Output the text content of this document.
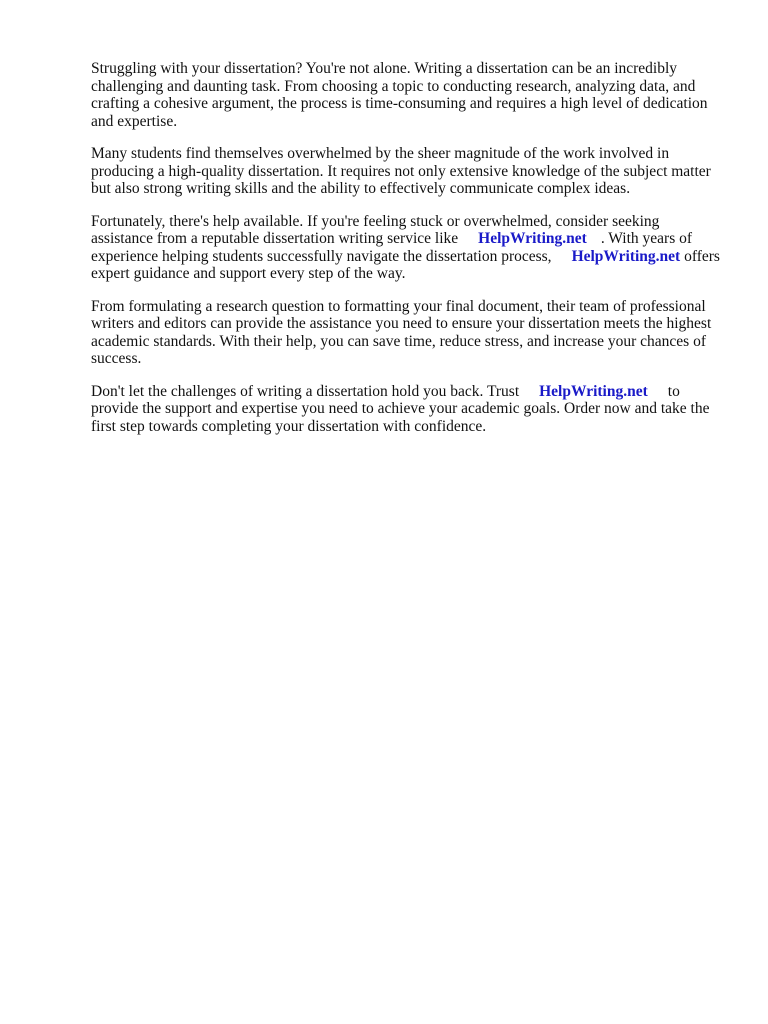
Struggling with your dissertation? You're not alone. Writing a dissertation can be an incredibly challenging and daunting task. From choosing a topic to conducting research, analyzing data, and crafting a cohesive argument, the process is time-consuming and requires a high level of dedication and expertise.

Many students find themselves overwhelmed by the sheer magnitude of the work involved in producing a high-quality dissertation. It requires not only extensive knowledge of the subject matter but also strong writing skills and the ability to effectively communicate complex ideas.

Fortunately, there's help available. If you're feeling stuck or overwhelmed, consider seeking assistance from a reputable dissertation writing service like HelpWriting.net . With years of experience helping students successfully navigate the dissertation process, HelpWriting.net offers expert guidance and support every step of the way.

From formulating a research question to formatting your final document, their team of professional writers and editors can provide the assistance you need to ensure your dissertation meets the highest academic standards. With their help, you can save time, reduce stress, and increase your chances of success.

Don't let the challenges of writing a dissertation hold you back. Trust HelpWriting.net to provide the support and expertise you need to achieve your academic goals. Order now and take the first step towards completing your dissertation with confidence.
